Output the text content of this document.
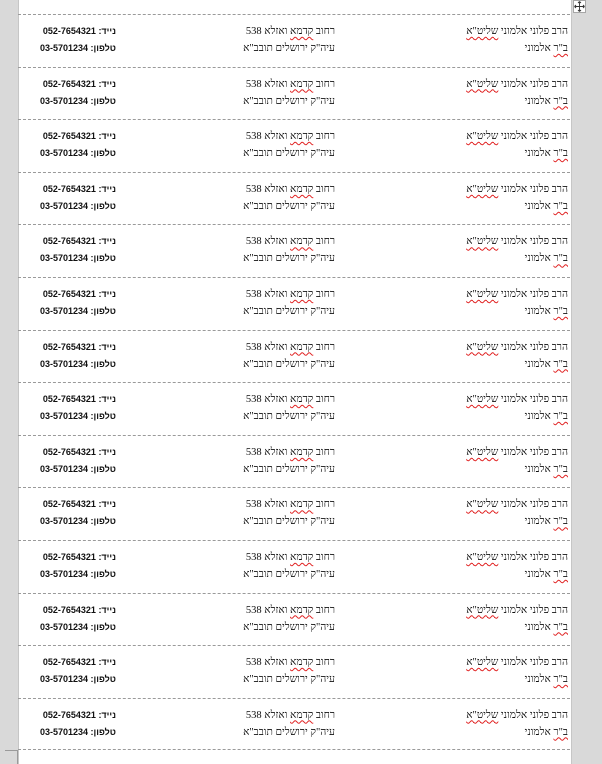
הרב פלוני אלמוני שליט"א
ב"ר אלמוני
רחוב קדמא ואזלא 538
עיה"ק ירושלים תובב"א
נייד: 052-7654321
טלפון: 03-5701234
הרב פלוני אלמוני שליט"א
ב"ר אלמוני
רחוב קדמא ואזלא 538
עיה"ק ירושלים תובב"א
נייד: 052-7654321
טלפון: 03-5701234
הרב פלוני אלמוני שליט"א
ב"ר אלמוני
רחוב קדמא ואזלא 538
עיה"ק ירושלים תובב"א
נייד: 052-7654321
טלפון: 03-5701234
הרב פלוני אלמוני שליט"א
ב"ר אלמוני
רחוב קדמא ואזלא 538
עיה"ק ירושלים תובב"א
נייד: 052-7654321
טלפון: 03-5701234
הרב פלוני אלמוני שליט"א
ב"ר אלמוני
רחוב קדמא ואזלא 538
עיה"ק ירושלים תובב"א
נייד: 052-7654321
טלפון: 03-5701234
הרב פלוני אלמוני שליט"א
ב"ר אלמוני
רחוב קדמא ואזלא 538
עיה"ק ירושלים תובב"א
נייד: 052-7654321
טלפון: 03-5701234
הרב פלוני אלמוני שליט"א
ב"ר אלמוני
רחוב קדמא ואזלא 538
עיה"ק ירושלים תובב"א
נייד: 052-7654321
טלפון: 03-5701234
הרב פלוני אלמוני שליט"א
ב"ר אלמוני
רחוב קדמא ואזלא 538
עיה"ק ירושלים תובב"א
נייד: 052-7654321
טלפון: 03-5701234
הרב פלוני אלמוני שליט"א
ב"ר אלמוני
רחוב קדמא ואזלא 538
עיה"ק ירושלים תובב"א
נייד: 052-7654321
טלפון: 03-5701234
הרב פלוני אלמוני שליט"א
ב"ר אלמוני
רחוב קדמא ואזלא 538
עיה"ק ירושלים תובב"א
נייד: 052-7654321
טלפון: 03-5701234
הרב פלוני אלמוני שליט"א
ב"ר אלמוני
רחוב קדמא ואזלא 538
עיה"ק ירושלים תובב"א
נייד: 052-7654321
טלפון: 03-5701234
הרב פלוני אלמוני שליט"א
ב"ר אלמוני
רחוב קדמא ואזלא 538
עיה"ק ירושלים תובב"א
נייד: 052-7654321
טלפון: 03-5701234
הרב פלוני אלמוני שליט"א
ב"ר אלמוני
רחוב קדמא ואזלא 538
עיה"ק ירושלים תובב"א
נייד: 052-7654321
טלפון: 03-5701234
הרב פלוני אלמוני שליט"א
ב"ר אלמוני
רחוב קדמא ואזלא 538
עיה"ק ירושלים תובב"א
נייד: 052-7654321
טלפון: 03-5701234
